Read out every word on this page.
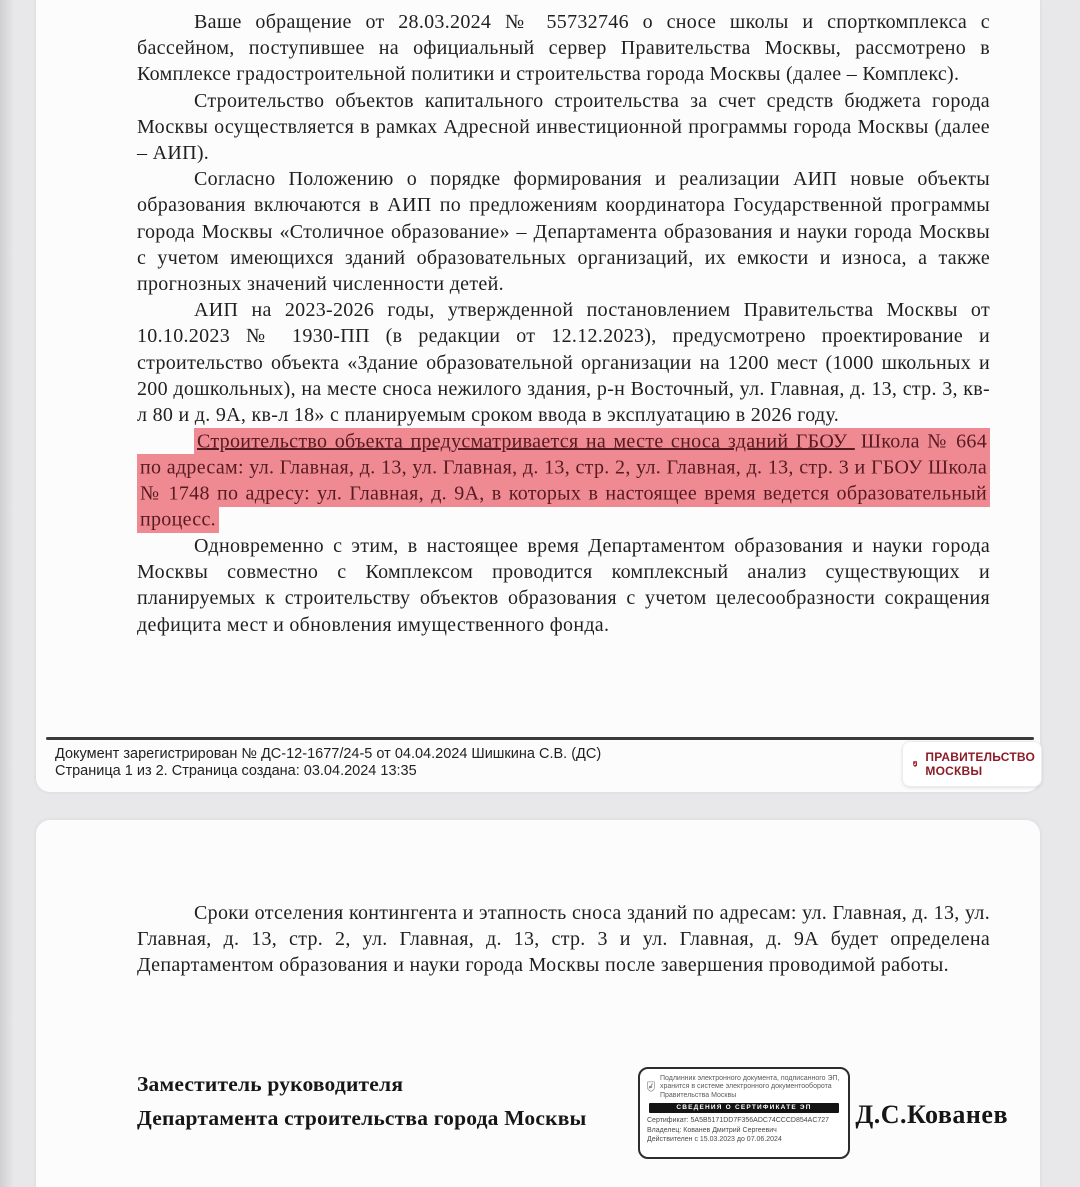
Ваше обращение от 28.03.2024 № 55732746 о сносе школы и спорткомплекса с бассейном, поступившее на официальный сервер Правительства Москвы, рассмотрено в Комплексе градостроительной политики и строительства города Москвы (далее – Комплекс).

Строительство объектов капитального строительства за счет средств бюджета города Москвы осуществляется в рамках Адресной инвестиционной программы города Москвы (далее – АИП).

Согласно Положению о порядке формирования и реализации АИП новые объекты образования включаются в АИП по предложениям координатора Государственной программы города Москвы «Столичное образование» – Департамента образования и науки города Москвы с учетом имеющихся зданий образовательных организаций, их емкости и износа, а также прогнозных значений численности детей.

АИП на 2023-2026 годы, утвержденной постановлением Правительства Москвы от 10.10.2023 № 1930-ПП (в редакции от 12.12.2023), предусмотрено проектирование и строительство объекта «Здание образовательной организации на 1200 мест (1000 школьных и 200 дошкольных), на месте сноса нежилого здания, р-н Восточный, ул. Главная, д. 13, стр. 3, кв-л 80 и д. 9А, кв-л 18» с планируемым сроком ввода в эксплуатацию в 2026 году.

Строительство объекта предусматривается на месте сноса зданий ГБОУ Школа № 664 по адресам: ул. Главная, д. 13, ул. Главная, д. 13, стр. 2, ул. Главная, д. 13, стр. 3 и ГБОУ Школа № 1748 по адресу: ул. Главная, д. 9А, в которых в настоящее время ведется образовательный процесс.

Одновременно с этим, в настоящее время Департаментом образования и науки города Москвы совместно с Комплексом проводится комплексный анализ существующих и планируемых к строительству объектов образования с учетом целесообразности сокращения дефицита мест и обновления имущественного фонда.

Документ зарегистрирован № ДС-12-1677/24-5 от 04.04.2024 Шишкина С.В. (ДС)
Страница 1 из 2. Страница создана: 03.04.2024 13:35
ПРАВИТЕЛЬСТВО
МОСКВЫ

Сроки отселения контингента и этапность сноса зданий по адресам: ул. Главная, д. 13, ул. Главная, д. 13, стр. 2, ул. Главная, д. 13, стр. 3 и ул. Главная, д. 9А будет определена Департаментом образования и науки города Москвы после завершения проводимой работы.

Заместитель руководителя
Департамента строительства города Москвы
Подлинник электронного документа, подписанного ЭП, хранится в системе электронного документооборота Правительства Москвы
СВЕДЕНИЯ О СЕРТИФИКАТЕ ЭП
Сертификат: 5A5B5171DD7F356ADC74CCCD854AC727
Владелец: Кованев Дмитрий Сергеевич
Действителен с 15.03.2023 до 07.06.2024
Д.С.Кованев
